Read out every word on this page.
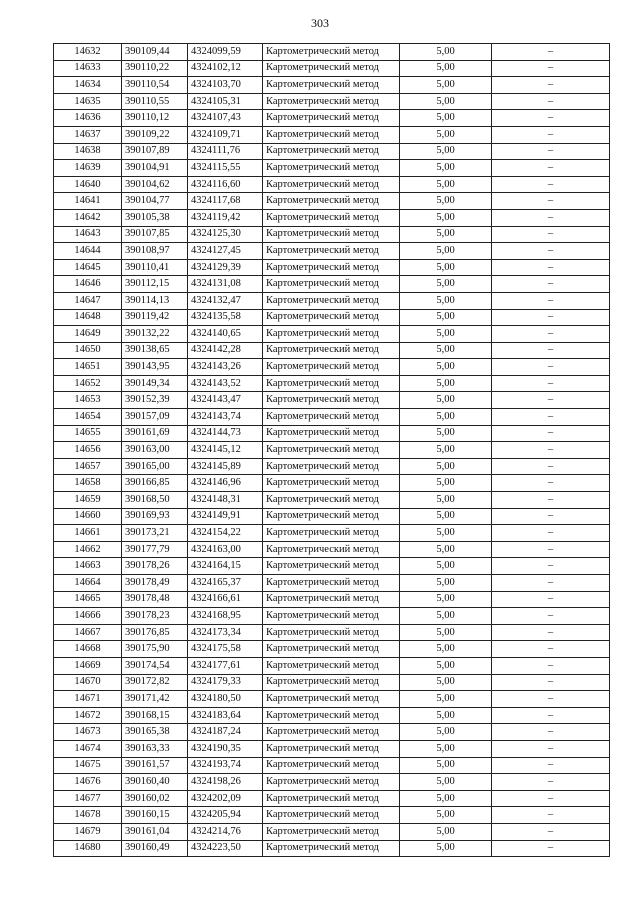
303
14632	390109,44	4324099,59	Картометрический метод	5,00	–
14633	390110,22	4324102,12	Картометрический метод	5,00	–
14634	390110,54	4324103,70	Картометрический метод	5,00	–
14635	390110,55	4324105,31	Картометрический метод	5,00	–
14636	390110,12	4324107,43	Картометрический метод	5,00	–
14637	390109,22	4324109,71	Картометрический метод	5,00	–
14638	390107,89	4324111,76	Картометрический метод	5,00	–
14639	390104,91	4324115,55	Картометрический метод	5,00	–
14640	390104,62	4324116,60	Картометрический метод	5,00	–
14641	390104,77	4324117,68	Картометрический метод	5,00	–
14642	390105,38	4324119,42	Картометрический метод	5,00	–
14643	390107,85	4324125,30	Картометрический метод	5,00	–
14644	390108,97	4324127,45	Картометрический метод	5,00	–
14645	390110,41	4324129,39	Картометрический метод	5,00	–
14646	390112,15	4324131,08	Картометрический метод	5,00	–
14647	390114,13	4324132,47	Картометрический метод	5,00	–
14648	390119,42	4324135,58	Картометрический метод	5,00	–
14649	390132,22	4324140,65	Картометрический метод	5,00	–
14650	390138,65	4324142,28	Картометрический метод	5,00	–
14651	390143,95	4324143,26	Картометрический метод	5,00	–
14652	390149,34	4324143,52	Картометрический метод	5,00	–
14653	390152,39	4324143,47	Картометрический метод	5,00	–
14654	390157,09	4324143,74	Картометрический метод	5,00	–
14655	390161,69	4324144,73	Картометрический метод	5,00	–
14656	390163,00	4324145,12	Картометрический метод	5,00	–
14657	390165,00	4324145,89	Картометрический метод	5,00	–
14658	390166,85	4324146,96	Картометрический метод	5,00	–
14659	390168,50	4324148,31	Картометрический метод	5,00	–
14660	390169,93	4324149,91	Картометрический метод	5,00	–
14661	390173,21	4324154,22	Картометрический метод	5,00	–
14662	390177,79	4324163,00	Картометрический метод	5,00	–
14663	390178,26	4324164,15	Картометрический метод	5,00	–
14664	390178,49	4324165,37	Картометрический метод	5,00	–
14665	390178,48	4324166,61	Картометрический метод	5,00	–
14666	390178,23	4324168,95	Картометрический метод	5,00	–
14667	390176,85	4324173,34	Картометрический метод	5,00	–
14668	390175,90	4324175,58	Картометрический метод	5,00	–
14669	390174,54	4324177,61	Картометрический метод	5,00	–
14670	390172,82	4324179,33	Картометрический метод	5,00	–
14671	390171,42	4324180,50	Картометрический метод	5,00	–
14672	390168,15	4324183,64	Картометрический метод	5,00	–
14673	390165,38	4324187,24	Картометрический метод	5,00	–
14674	390163,33	4324190,35	Картометрический метод	5,00	–
14675	390161,57	4324193,74	Картометрический метод	5,00	–
14676	390160,40	4324198,26	Картометрический метод	5,00	–
14677	390160,02	4324202,09	Картометрический метод	5,00	–
14678	390160,15	4324205,94	Картометрический метод	5,00	–
14679	390161,04	4324214,76	Картометрический метод	5,00	–
14680	390160,49	4324223,50	Картометрический метод	5,00	–
